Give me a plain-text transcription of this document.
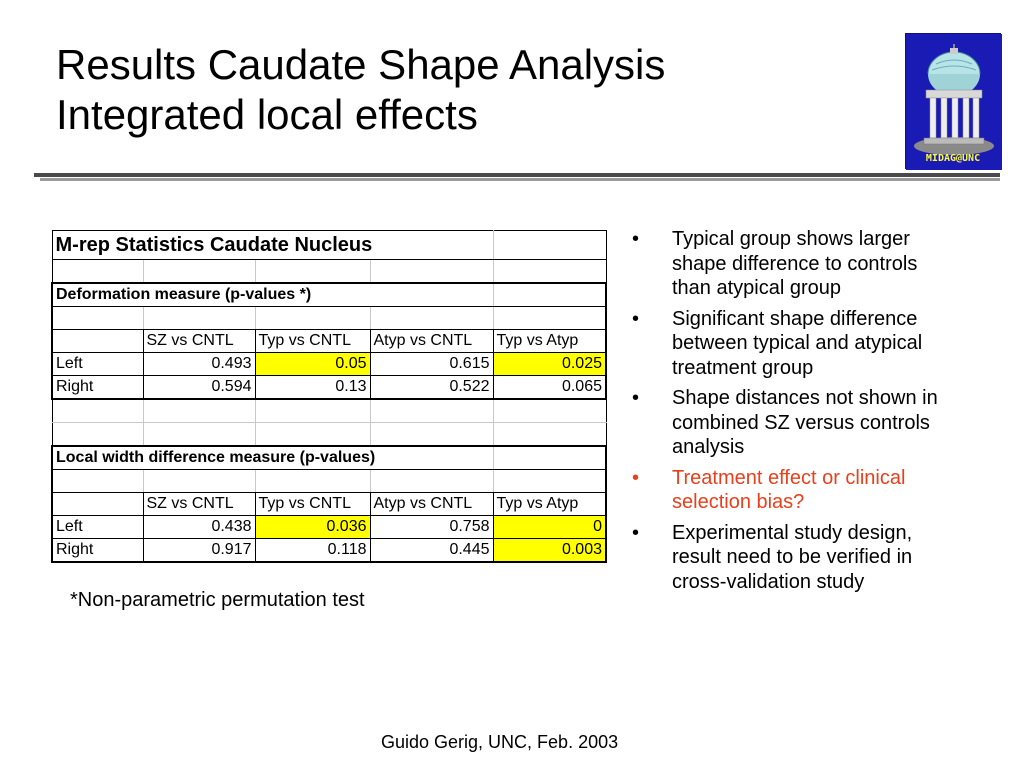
Results Caudate Shape Analysis
Integrated local effects
MIDAG@UNC
M-rep Statistics Caudate Nucleus				

Deformation measure (p-values *)				

	SZ vs CNTL	Typ vs CNTL	Atyp vs CNTL	Typ vs Atyp
Left	0.493	0.05	0.615	0.025
Right	0.594	0.13	0.522	0.065

Local width difference measure (p-values)				

	SZ vs CNTL	Typ vs CNTL	Atyp vs CNTL	Typ vs Atyp
Left	0.438	0.036	0.758	0
Right	0.917	0.118	0.445	0.003
*Non-parametric permutation test
• Typical group shows larger shape difference to controls than atypical group
• Significant shape difference between typical and atypical treatment group
• Shape distances not shown in combined SZ versus controls analysis
• Treatment effect or clinical selection bias?
• Experimental study design, result need to be verified in cross-validation study
Guido Gerig, UNC, Feb. 2003
